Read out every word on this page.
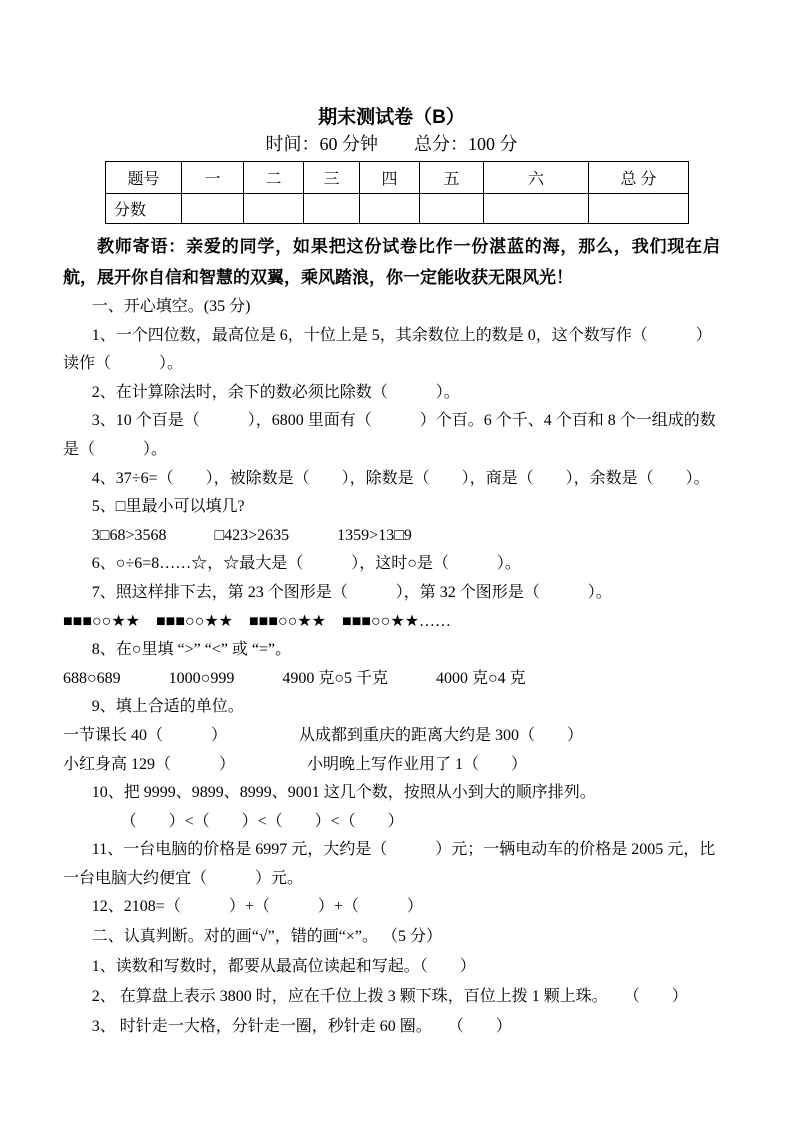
期末测试卷（B）
时间：60 分钟　　总分：100 分
题号	一	二	三	四	五	六	总 分
分数							

教师寄语：亲爱的同学，如果把这份试卷比作一份湛蓝的海，那么，我们现在启航，展开你自信和智慧的双翼，乘风踏浪，你一定能收获无限风光！

一、开心填空。(35 分)

1、一个四位数，最高位是 6，十位上是 5，其余数位上的数是 0，这个数写作（　　　）

读作（　　　）。

2、在计算除法时，余下的数必须比除数（　　　）。

3、10 个百是（　　　），6800 里面有（　　　）个百。6 个千、4 个百和 8 个一组成的数

是（　　　）。

4、37÷6=（　　），被除数是（　　），除数是（　　），商是（　　），余数是（　　）。

5、□里最小可以填几?

3□68>3568　　　□423>2635　　　1359>13□9

6、○÷6=8……☆，☆最大是（　　　），这时○是（　　　）。

7、照这样排下去，第 23 个图形是（　　　），第 32 个图形是（　　　）。

■■■○○★★　■■■○○★★　■■■○○★★　■■■○○★★……

8、在○里填 “>” “<” 或 “=”。

688○689　　　1000○999　　　4900 克○5 千克　　　4000 克○4 克

9、填上合适的单位。

一节课长 40（　　　）　　　　　从成都到重庆的距离大约是 300（　　）

小红身高 129（　　　）　　　　　小明晚上写作业用了 1（　　）

10、把 9999、9899、8999、9001 这几个数，按照从小到大的顺序排列。

（　　）<（　　）<（　　）<（　　）

11、一台电脑的价格是 6997 元，大约是（　　　）元；一辆电动车的价格是 2005 元，比

一台电脑大约便宜（　　　）元。

12、2108=（　　　）+（　　　）+（　　　）

二、认真判断。对的画“√”，错的画“×”。 （5 分）

1、读数和写数时，都要从最高位读起和写起。（　　）

2、 在算盘上表示 3800 时，应在千位上拨 3 颗下珠，百位上拨 1 颗上珠。　　（　　）

3、 时针走一大格，分针走一圈，秒针走 60 圈。　　（　　）
